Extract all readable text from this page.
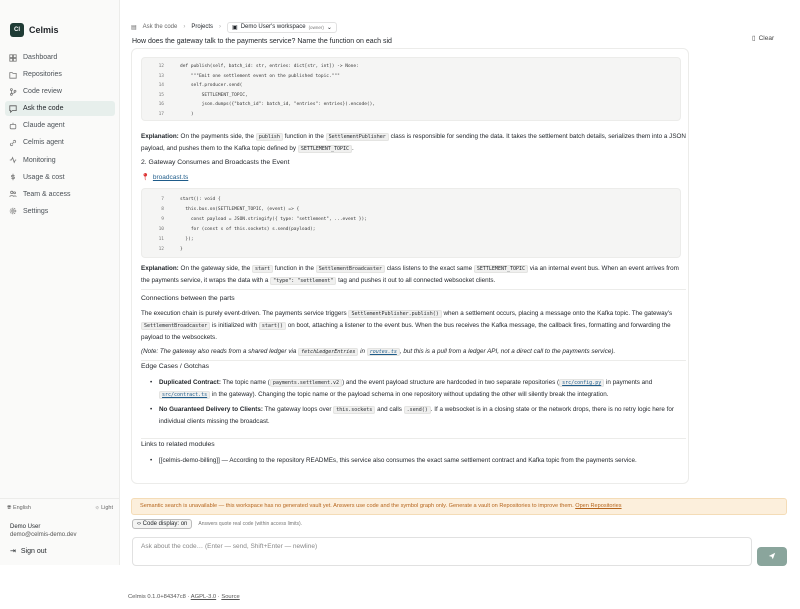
Cl	Celmis
Dashboard
Repositories
Code review
Ask the code
Claude agent
Celmis agent
Monitoring
Usage & cost
Team & access
Settings
🌐︎ English	☼ Light
Demo User
demo@celmis-demo.dev
⇥ Sign out
▤ Ask the code › Projects › ▣ Demo User's workspace (owner) ⌄
How does the gateway talk to the payments service? Name the function on each sid	▯ Clear
12	def publish(self, batch_id: str, entries: dict[str, int]) -> None:
13	"""Emit one settlement event on the published topic."""
14	self.producer.send(
15	SETTLEMENT_TOPIC,
16	json.dumps({"batch_id": batch_id, "entries": entries}).encode(),
17	)
Explanation: On the payments side, the publish function in the SettlementPublisher class is responsible for sending the data. It takes the settlement batch details, serializes them into a JSON payload, and pushes them to the Kafka topic defined by SETTLEMENT_TOPIC .
2. Gateway Consumes and Broadcasts the Event
📍︎ broadcast.ts
7	start(): void {
8	this.bus.on(SETTLEMENT_TOPIC, (event) => {
9	const payload = JSON.stringify({ type: "settlement", ...event });
10	for (const s of this.sockets) s.send(payload);
11	});
12	}
Explanation: On the gateway side, the start function in the SettlementBroadcaster class listens to the exact same SETTLEMENT_TOPIC via an internal event bus. When an event arrives from the payments service, it wraps the data with a "type": "settlement" tag and pushes it out to all connected websocket clients.
Connections between the parts
The execution chain is purely event-driven. The payments service triggers SettlementPublisher.publish() when a settlement occurs, placing a message onto the Kafka topic. The gateway's SettlementBroadcaster is initialized with start() on boot, attaching a listener to the event bus. When the bus receives the Kafka message, the callback fires, formatting and forwarding the payload to the websockets.
(Note: The gateway also reads from a shared ledger via fetchLedgerEntries in routes.ts , but this is a pull from a ledger API, not a direct call to the payments service).
Edge Cases / Gotchas
• Duplicated Contract: The topic name ( payments.settlement.v2 ) and the event payload structure are hardcoded in two separate repositories ( src/config.py in payments and src/contract.ts in the gateway). Changing the topic name or the payload schema in one repository without updating the other will silently break the integration.
• No Guaranteed Delivery to Clients: The gateway loops over this.sockets and calls .send() . If a websocket is in a closing state or the network drops, there is no retry logic here for individual clients missing the broadcast.
Links to related modules
• [[celmis-demo-billing]] — According to the repository READMEs, this service also consumes the exact same settlement contract and Kafka topic from the payments service.
Semantic search is unavailable — this workspace has no generated vault yet. Answers use code and the symbol graph only. Generate a vault on Repositories to improve them. Open Repositories
‹› Code display: on	Answers quote real code (within access limits).
Ask about the code… (Enter — send, Shift+Enter — newline)
Celmis 0.1.0+84347c8 · AGPL-3.0 · Source
